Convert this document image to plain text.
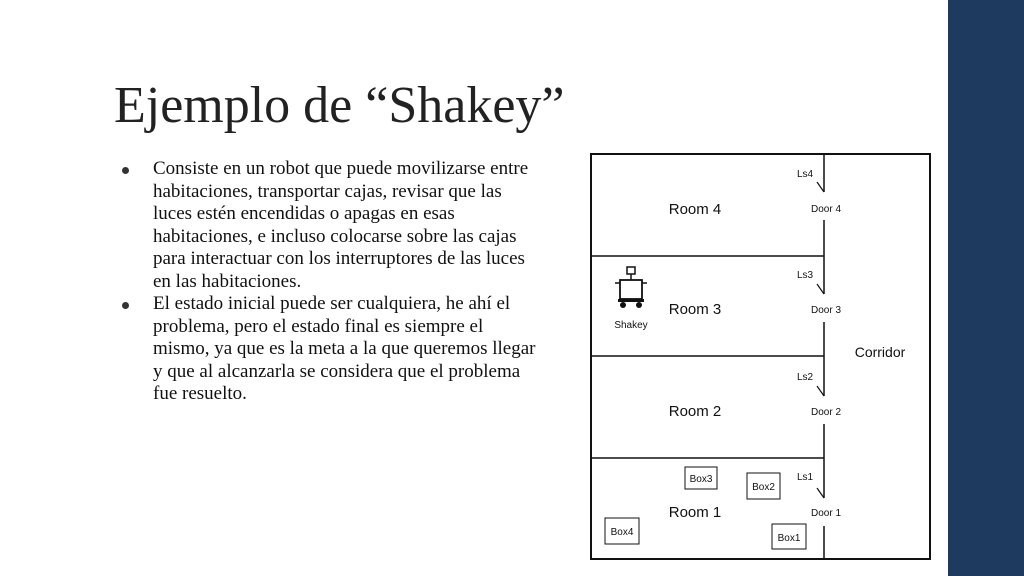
Ejemplo de “Shakey”
Consiste en un robot que puede movilizarse entre habitaciones, transportar cajas, revisar que las luces estén encendidas o apagas en esas habitaciones, e incluso colocarse sobre las cajas para interactuar con los interruptores de las luces en las habitaciones.
El estado inicial puede ser cualquiera, he ahí el problema, pero el estado final es siempre el mismo, ya que es la meta a la que queremos llegar y que al alcanzarla se considera que el problema fue resuelto.
Room 4
Room 3
Room 2
Room 1
Ls4
Ls3
Ls2
Ls1
Door 4
Door 3
Door 2
Door 1
Corridor
Shakey
Box3
Box2
Box4
Box1
